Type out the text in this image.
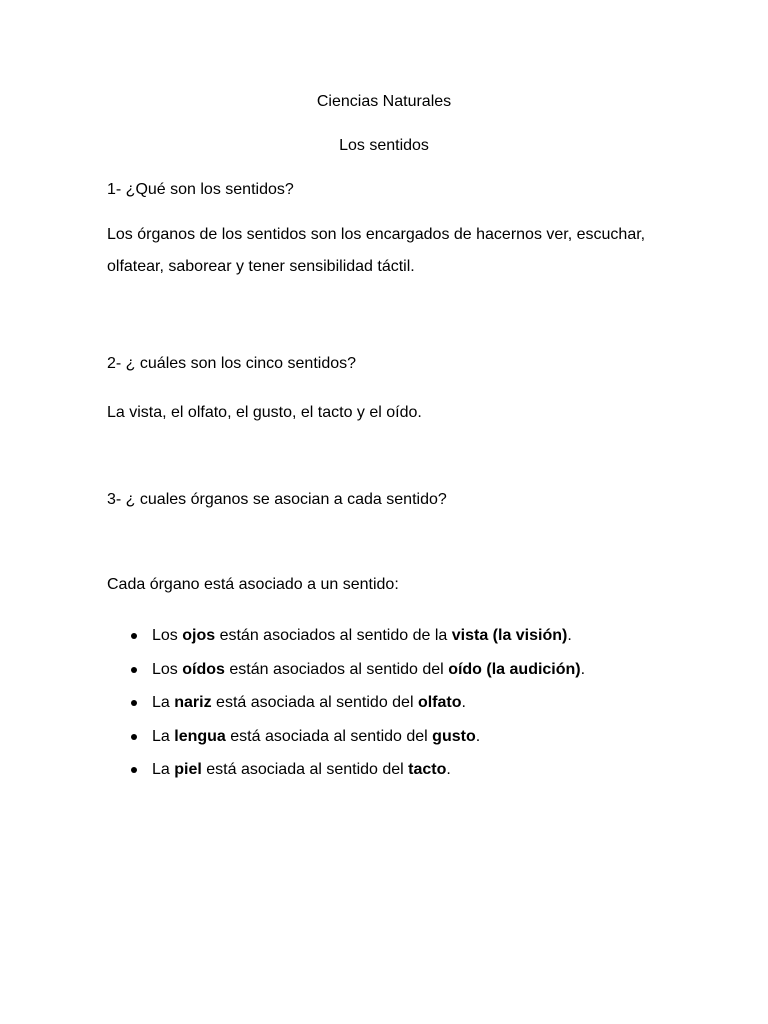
Ciencias Naturales
Los sentidos
1- ¿Qué son los sentidos?
Los órganos de los sentidos son los encargados de hacernos ver, escuchar, olfatear, saborear y tener sensibilidad táctil.
2- ¿ cuáles son los cinco sentidos?
La vista, el olfato, el gusto, el tacto y el oído.
3- ¿ cuales órganos se asocian a cada sentido?
Cada órgano está asociado a un sentido:
Los ojos están asociados al sentido de la vista (la visión).
Los oídos están asociados al sentido del oído (la audición).
La nariz está asociada al sentido del olfato.
La lengua está asociada al sentido del gusto.
La piel está asociada al sentido del tacto.
